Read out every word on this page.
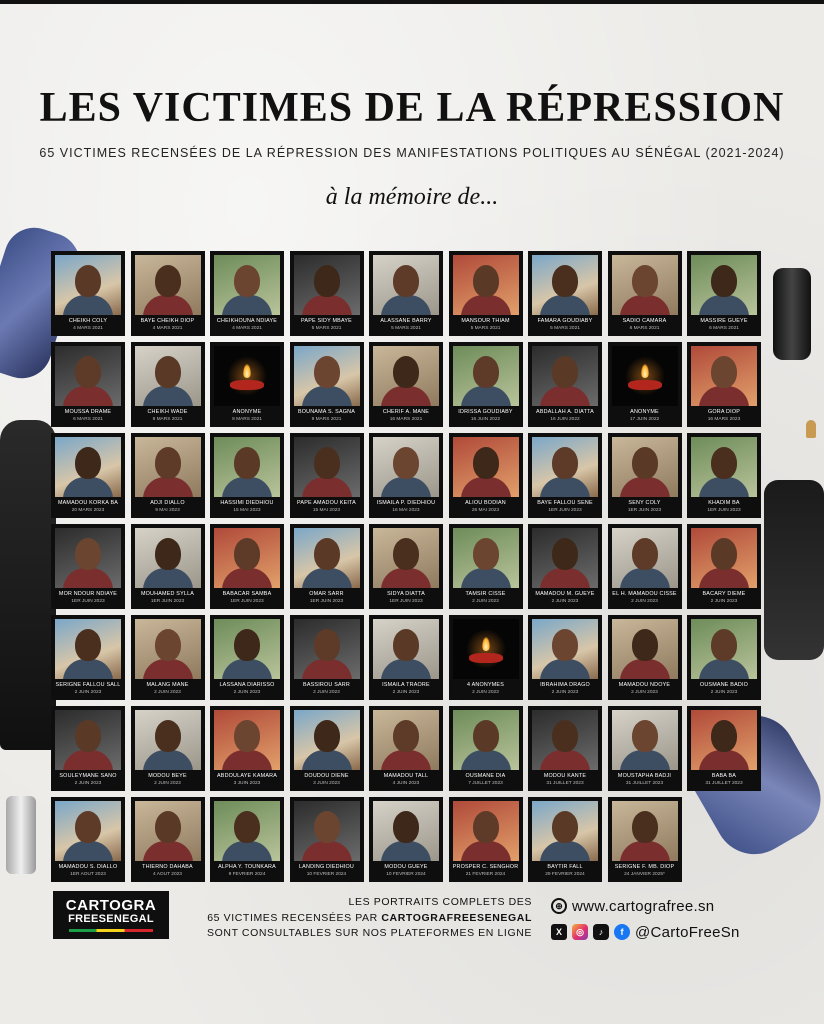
LES VICTIMES DE LA RÉPRESSION
65 VICTIMES RECENSÉES DE LA RÉPRESSION DES MANIFESTATIONS POLITIQUES AU SÉNÉGAL (2021-2024)
à la mémoire de...
CHEIKH COLY
4 MARS 2021
BAYE CHEIKH DIOP
4 MARS 2021
CHEIKHOUNA NDIAYE
4 MARS 2021
PAPE SIDY MBAYE
5 MARS 2021
ALASSANE BARRY
5 MARS 2021
MANSOUR THIAM
5 MARS 2021
FAMARA GOUDIABY
5 MARS 2021
SADIO CAMARA
6 MARS 2021
MASSIRÉ GUEYE
6 MARS 2021
MOUSSA DRAMÉ
6 MARS 2021
CHEIKH WADE
8 MARS 2021
ANONYME
8 MARS 2021
BOUNAMA S. SAGNA
9 MARS 2021
CHÉRIF A. MANÉ
16 MARS 2021
IDRISSA GOUDIABY
16 JUIN 2022
ABDALLAH A. DIATTA
16 JUIN 2022
ANONYME
17 JUIN 2022
GORA DIOP
16 MARS 2023
MAMADOU KORKA BA
20 MARS 2023
ADJI DIALLO
9 MAI 2023
HASSIMI DIÉDHIOU
15 MAI 2023
PAPE AMADOU KEÏTA
15 MAI 2023
ISMAÏLA P. DIÉDHIOU
16 MAI 2023
ALIOU BODIAN
26 MAI 2023
BAYE FALLOU SÈNE
1ER JUIN 2023
SENY COLY
1ER JUIN 2023
KHADIM BA
1ER JUIN 2023
MOR NDOUR NDIAYE
1ER JUIN 2023
MOUHAMED SYLLA
1ER JUIN 2023
BABACAR SAMBA
1ER JUIN 2023
OMAR SARR
1ER JUIN 2023
SIDYA DIATTA
1ER JUIN 2023
TAMSIR CISSÉ
2 JUIN 2023
MAMADOU M. GUÈYE
2 JUIN 2023
EL H. MAMADOU CISSÉ
2 JUIN 2023
BACARY DIÉMÉ
2 JUIN 2023
SERIGNE FALLOU SALL
2 JUIN 2023
MALANG MANÉ
2 JUIN 2023
LASSANA DIARISSO
2 JUIN 2023
BASSIROU SARR
2 JUIN 2023
ISMAÏLA TRAORÉ
2 JUIN 2023
4 ANONYMES
2 JUIN 2023
IBRAHIMA DRAGO
2 JUIN 2023
MAMADOU NDOYE
2 JUIN 2023
OUSMANE BADIO
2 JUIN 2023
SOULEYMANE SANO
2 JUIN 2023
MODOU BEYE
2 JUIN 2023
ABDOULAYE KAMARA
3 JUIN 2023
DOUDOU DIÈNE
3 JUIN 2023
MAMADOU TALL
4 JUIN 2023
OUSMANE DIA
7 JUILLET 2023
MODOU KANTÉ
31 JUILLET 2023
MOUSTAPHA BADJI
31 JUILLET 2023
BABA BA
31 JUILLET 2023
MAMADOU S. DIALLO
1ER AOÛT 2023
THIERNO DAHABA
4 AOÛT 2023
ALPHA Y. TOUNKARA
9 FÉVRIER 2024
LANDING DIÉDHIOU
10 FÉVRIER 2024
MODOU GUÈYE
10 FÉVRIER 2024
PROSPER C. SENGHOR
21 FÉVRIER 2024
BAYTIR FALL
29 FÉVRIER 2024
SERIGNE F. MB. DIOP
24 JANVIER 2025*
CARTOGRA
FREESENEGAL
LES PORTRAITS COMPLETS DES
65 VICTIMES RECENSÉES PAR CARTOGRAFREESENEGAL
SONT CONSULTABLES SUR NOS PLATEFORMES EN LIGNE
⊕ www.cartografree.sn
X	◎	♪	f @CartoFreeSn
